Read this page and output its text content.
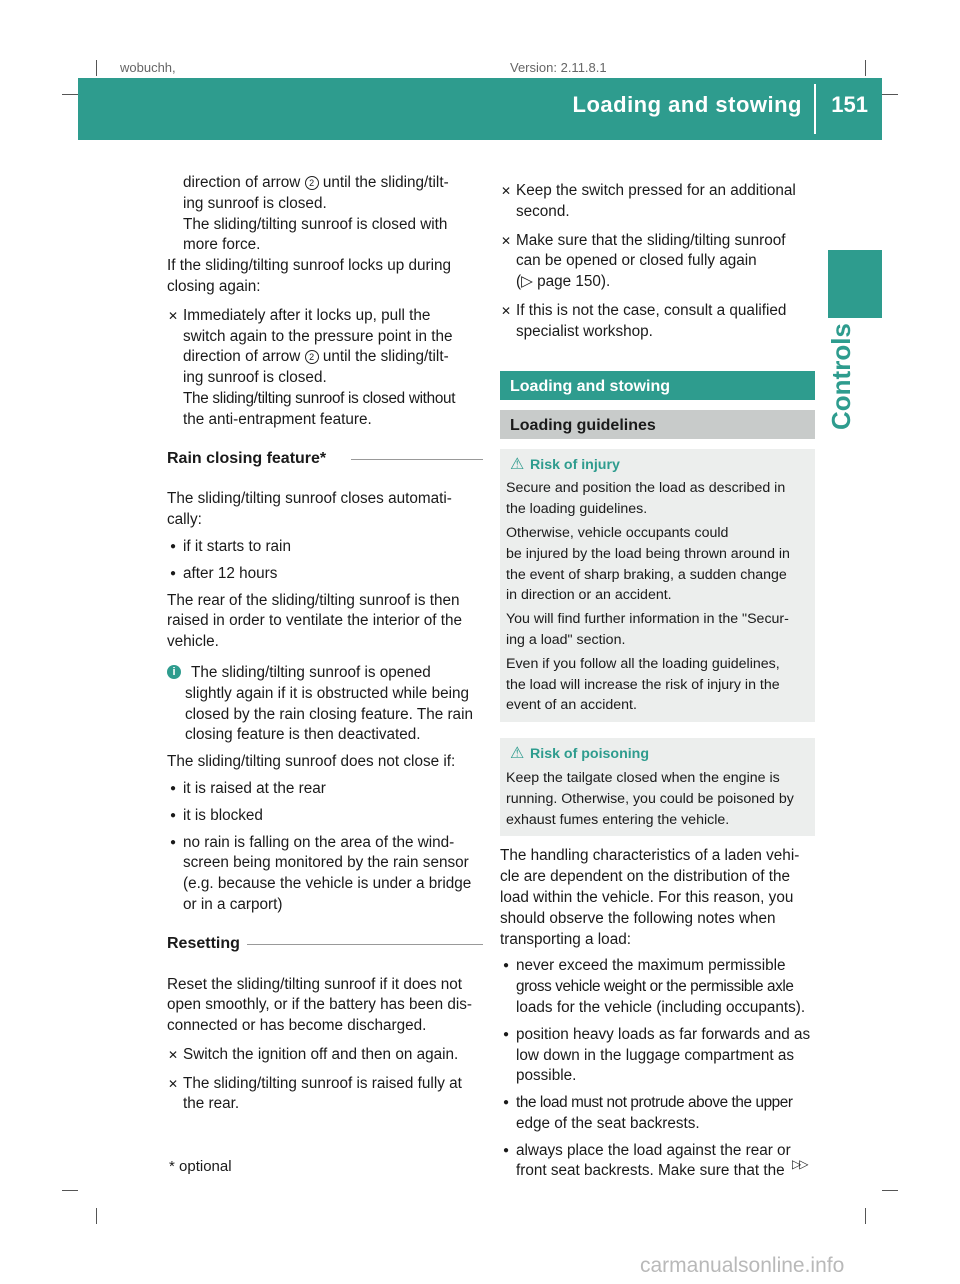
wobuchh,	Version: 2.11.8.1
Loading and stowing 151
Controls

direction of arrow 2 until the sliding/tilt-

ing sunroof is closed.

The sliding/tilting sunroof is closed with

more force.

If the sliding/tilting sunroof locks up during

closing again:

✕ Immediately after it locks up, pull the

switch again to the pressure point in the

direction of arrow 2 until the sliding/tilt-

ing sunroof is closed.

The sliding/tilting sunroof is closed without

the anti-entrapment feature.

Rain closing feature*

The sliding/tilting sunroof closes automati-

cally:

● if it starts to rain
● after 12 hours

The rear of the sliding/tilting sunroof is then

raised in order to ventilate the interior of the

vehicle.

i	The sliding/tilting sunroof is opened

slightly again if it is obstructed while being

closed by the rain closing feature. The rain

closing feature is then deactivated.

The sliding/tilting sunroof does not close if:

● it is raised at the rear
● it is blocked
● no rain is falling on the area of the wind-

screen being monitored by the rain sensor

(e.g. because the vehicle is under a bridge

or in a carport)

Resetting

Reset the sliding/tilting sunroof if it does not

open smoothly, or if the battery has been dis-

connected or has become discharged.

✕ Switch the ignition off and then on again.

✕ The sliding/tilting sunroof is raised fully at

the rear.

✕ Keep the switch pressed for an additional

second.

✕ Make sure that the sliding/tilting sunroof

can be opened or closed fully again

(▷ page 150).

✕ If this is not the case, consult a qualified

specialist workshop.

Loading and stowing
Loading guidelines

⚠ Risk of injury

Secure and position the load as described in

the loading guidelines.

Otherwise, vehicle occupants could

be injured by the load being thrown around in

the event of sharp braking, a sudden change

in direction or an accident.

You will find further information in the "Secur-

ing a load" section.

Even if you follow all the loading guidelines,

the load will increase the risk of injury in the

event of an accident.

⚠ Risk of poisoning

Keep the tailgate closed when the engine is

running. Otherwise, you could be poisoned by

exhaust fumes entering the vehicle.

The handling characteristics of a laden vehi-

cle are dependent on the distribution of the

load within the vehicle. For this reason, you

should observe the following notes when

transporting a load:

● never exceed the maximum permissible

gross vehicle weight or the permissible axle

loads for the vehicle (including occupants).

● position heavy loads as far forwards and as

low down in the luggage compartment as

possible.

● the load must not protrude above the upper

edge of the seat backrests.

● always place the load against the rear or

front seat backrests. Make sure that the

* optional	▷▷
carmanualsonline.info
